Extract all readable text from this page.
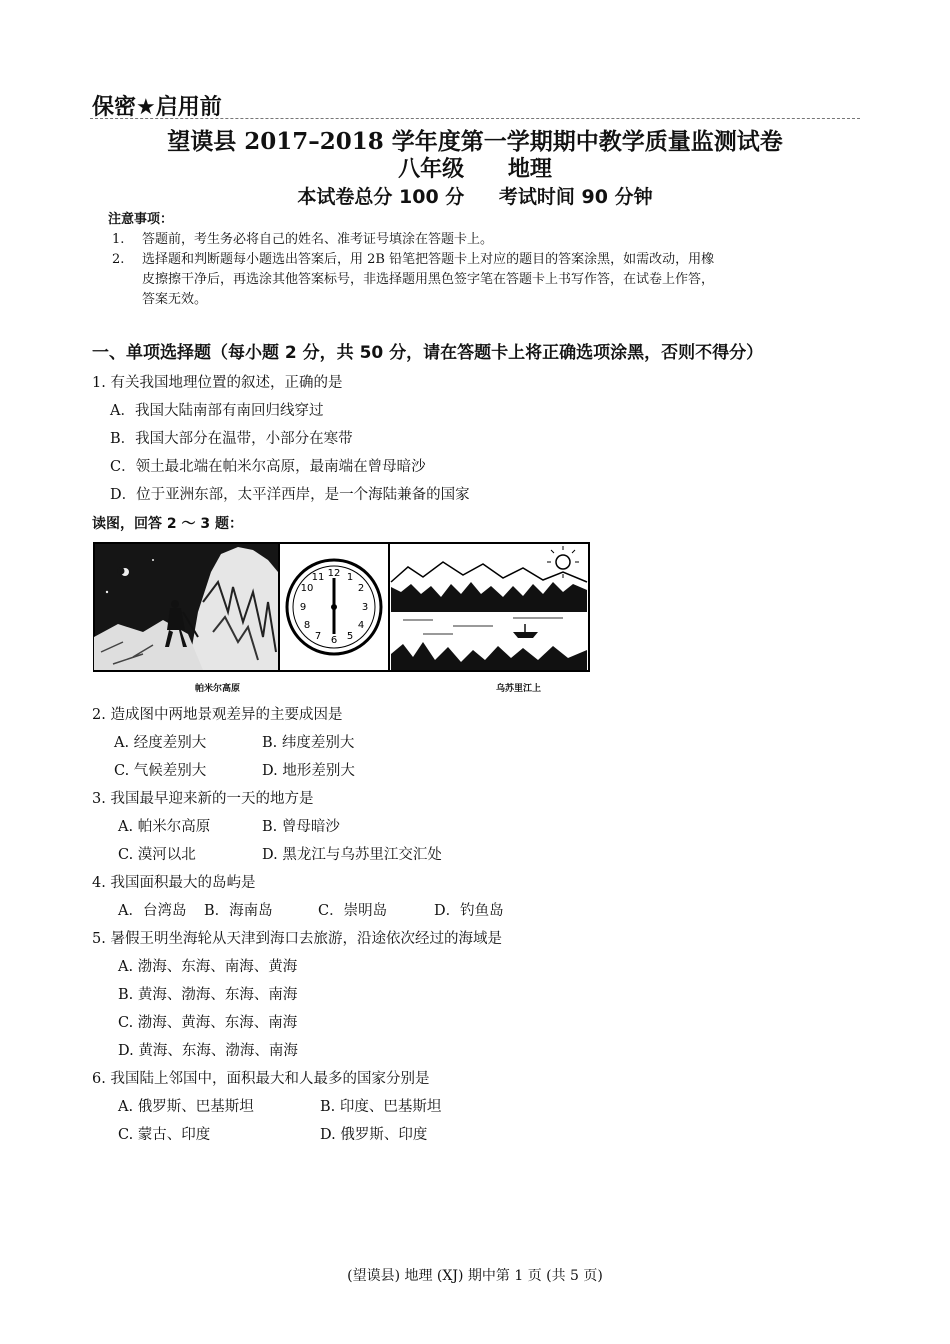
保密★启用前
望谟县 2017–2018 学年度第一学期期中教学质量监测试卷
八年级 地理
本试卷总分 100 分 考试时间 90 分钟
注意事项：
1. 答题前，考生务必将自己的姓名、准考证号填涂在答题卡上。
2. 选择题和判断题每小题选出答案后，用 2B 铅笔把答题卡上对应的题目的答案涂黑，如需改动，用橡
皮擦擦干净后，再选涂其他答案标号，非选择题用黑色签字笔在答题卡上书写作答，在试卷上作答，
答案无效。
一、单项选择题（每小题 2 分，共 50 分，请在答题卡上将正确选项涂黑，否则不得分）
1. 有关我国地理位置的叙述，正确的是
A．我国大陆南部有南回归线穿过
B．我国大部分在温带，小部分在寒带
C．领土最北端在帕米尔高原，最南端在曾母暗沙
D．位于亚洲东部，太平洋西岸，是一个海陆兼备的国家
读图，回答 2 ～ 3 题：
12 1
2
3
4
5
6
7
8
9
10
11
帕米尔高原	乌苏里江上
2. 造成图中两地景观差异的主要成因是
A. 经度差别大	B. 纬度差别大
C. 气候差别大	D. 地形差别大
3. 我国最早迎来新的一天的地方是
A. 帕米尔高原	B. 曾母暗沙
C. 漠河以北	D. 黑龙江与乌苏里江交汇处
4. 我国面积最大的岛屿是
A．台湾岛 B．海南岛	C．崇明岛	D．钓鱼岛
5. 暑假王明坐海轮从天津到海口去旅游，沿途依次经过的海域是
A. 渤海、东海、南海、黄海
B. 黄海、渤海、东海、南海
C. 渤海、黄海、东海、南海
D. 黄海、东海、渤海、南海
6. 我国陆上邻国中，面积最大和人最多的国家分别是
A. 俄罗斯、巴基斯坦	B. 印度、巴基斯坦
C. 蒙古、印度	D. 俄罗斯、印度
(望谟县) 地理 (XJ) 期中第 1 页 (共 5 页)
